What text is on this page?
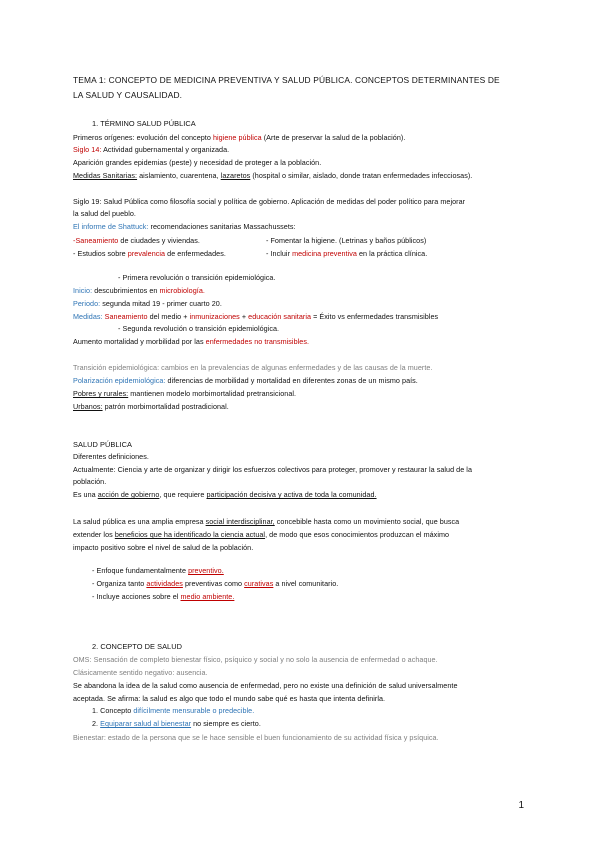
TEMA 1: CONCEPTO DE MEDICINA PREVENTIVA Y SALUD PÚBLICA. CONCEPTOS DETERMINANTES DE
LA SALUD Y CAUSALIDAD.
1. TÉRMINO SALUD PÚBLICA
Primeros orígenes: evolución del concepto higiene pública (Arte de preservar la salud de la población).
Siglo 14: Actividad gubernamental y organizada.
Aparición grandes epidemias (peste) y necesidad de proteger a la población.
Medidas Sanitarias: aislamiento, cuarentena, lazaretos (hospital o similar, aislado, donde tratan enfermedades infecciosas).
Siglo 19: Salud Pública como filosofía social y política de gobierno. Aplicación de medidas del poder político para mejorar
la salud del pueblo.
El informe de Shattuck: recomendaciones sanitarias Massachussets:
-Saneamiento de ciudades y viviendas.	- Fomentar la higiene. (Letrinas y baños públicos)
- Estudios sobre prevalencia de enfermedades.	- Incluir medicina preventiva en la práctica clínica.
- Primera revolución o transición epidemiológica.
Inicio: descubrimientos en microbiología.
Periodo: segunda mitad 19 - primer cuarto 20.
Medidas: Saneamiento del medio + inmunizaciones + educación sanitaria = Éxito vs enfermedades transmisibles
- Segunda revolución o transición epidemiológica.
Aumento mortalidad y morbilidad por las enfermedades no transmisibles.
Transición epidemiológica: cambios en la prevalencias de algunas enfermedades y de las causas de la muerte.
Polarización epidemiológica: diferencias de morbilidad y mortalidad en diferentes zonas de un mismo país.
Pobres y rurales: mantienen modelo morbimortalidad pretransicional.
Urbanos: patrón morbimortalidad postradicional.
SALUD PÚBLICA
Diferentes definiciones.
Actualmente: Ciencia y arte de organizar y dirigir los esfuerzos colectivos para proteger, promover y restaurar la salud de la
población.
Es una acción de gobierno, que requiere participación decisiva y activa de toda la comunidad.
La salud pública es una amplia empresa social interdisciplinar, concebible hasta como un movimiento social, que busca
extender los beneficios que ha identificado la ciencia actual, de modo que esos conocimientos produzcan el máximo
impacto positivo sobre el nivel de salud de la población.
- Enfoque fundamentalmente preventivo.
- Organiza tanto actividades preventivas como curativas a nivel comunitario.
- Incluye acciones sobre el medio ambiente.
2. CONCEPTO DE SALUD
OMS: Sensación de completo bienestar físico, psíquico y social y no solo la ausencia de enfermedad o achaque.
Clásicamente sentido negativo: ausencia.
Se abandona la idea de la salud como ausencia de enfermedad, pero no existe una definición de salud universalmente
aceptada. Se afirma: la salud es algo que todo el mundo sabe qué es hasta que intenta definirla.
1. Concepto difícilmente mensurable o predecible.
2. Equiparar salud al bienestar no siempre es cierto.
Bienestar: estado de la persona que se le hace sensible el buen funcionamiento de su actividad física y psíquica.
1
